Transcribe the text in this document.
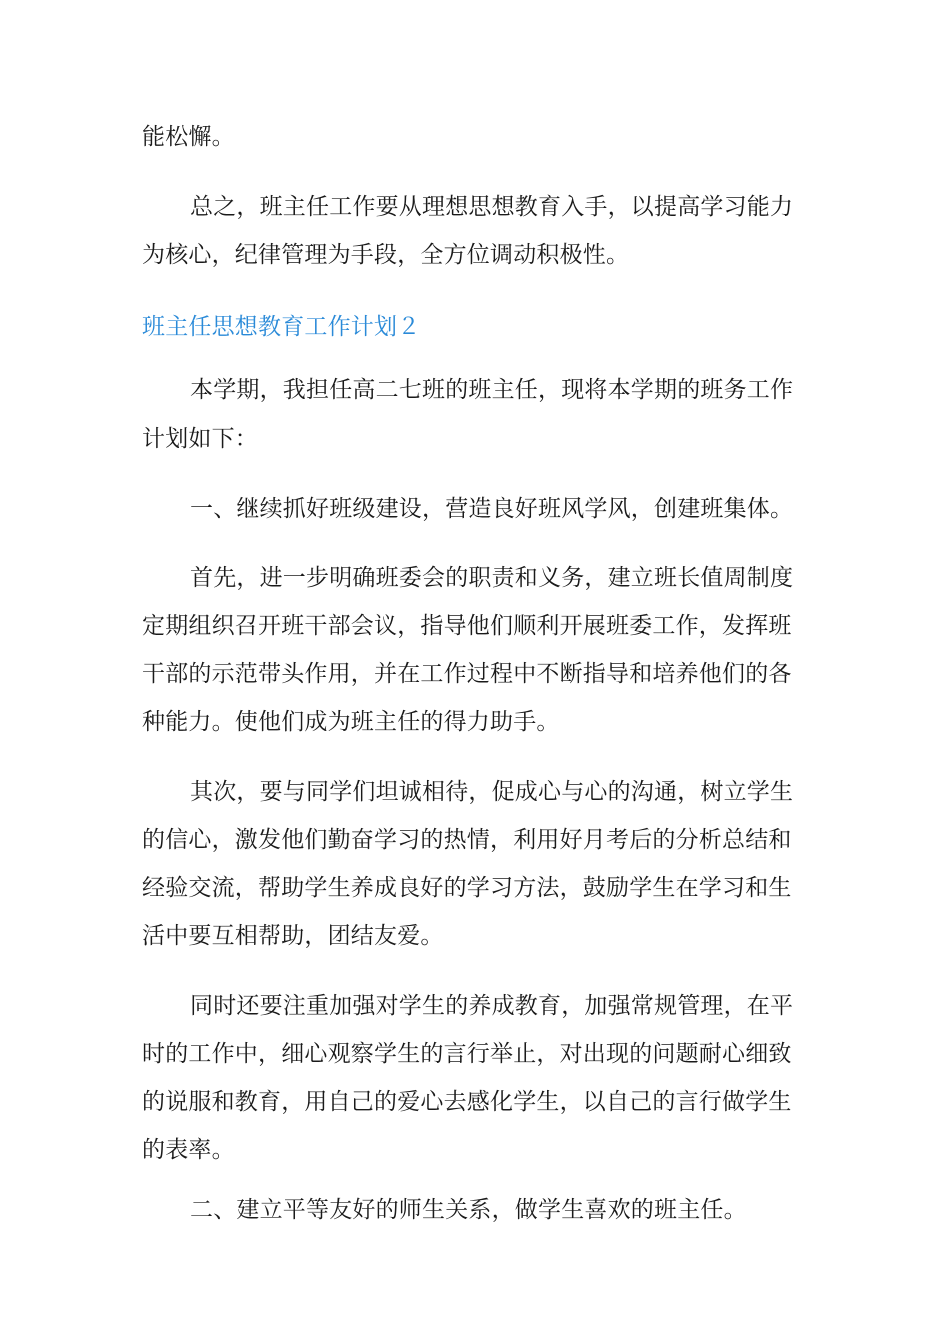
能松懈。
总之，班主任工作要从理想思想教育入手，以提高学习能力
为核心，纪律管理为手段，全方位调动积极性。
班主任思想教育工作计划２
本学期，我担任高二七班的班主任，现将本学期的班务工作
计划如下：
一、继续抓好班级建设，营造良好班风学风，创建班集体。
首先，进一步明确班委会的职责和义务，建立班长值周制度
定期组织召开班干部会议，指导他们顺利开展班委工作，发挥班
干部的示范带头作用，并在工作过程中不断指导和培养他们的各
种能力。使他们成为班主任的得力助手。
其次，要与同学们坦诚相待，促成心与心的沟通，树立学生
的信心，激发他们勤奋学习的热情，利用好月考后的分析总结和
经验交流，帮助学生养成良好的学习方法，鼓励学生在学习和生
活中要互相帮助，团结友爱。
同时还要注重加强对学生的养成教育，加强常规管理，在平
时的工作中，细心观察学生的言行举止，对出现的问题耐心细致
的说服和教育，用自己的爱心去感化学生，以自己的言行做学生
的表率。
二、建立平等友好的师生关系，做学生喜欢的班主任。
